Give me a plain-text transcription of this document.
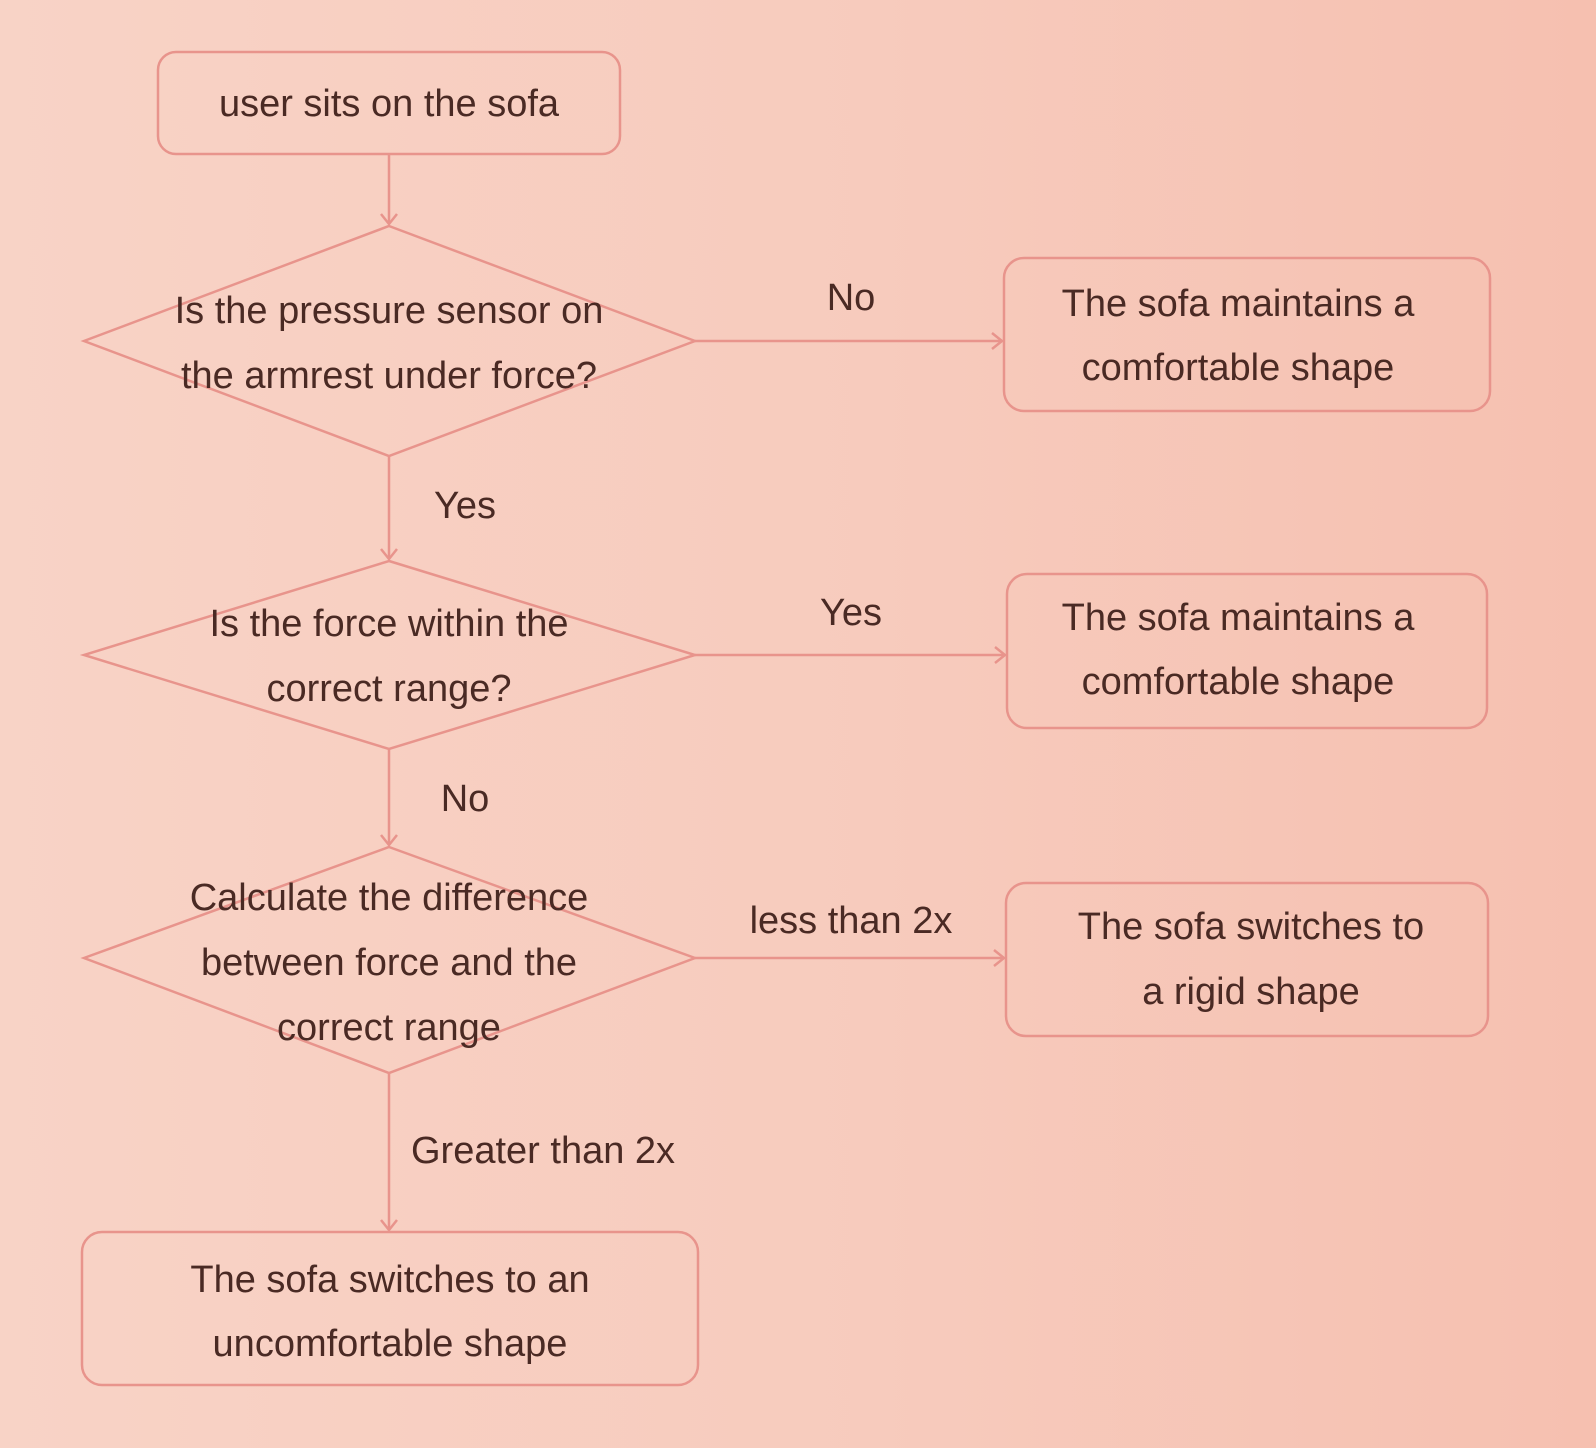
user sits on the sofa
Is the pressure sensor on
the armrest under force?
The sofa maintains a
comfortable shape
Is the force within the
correct range?
The sofa maintains a
comfortable shape
Calculate the difference
between force and the
correct range
The sofa switches to
a rigid shape
The sofa switches to an
uncomfortable shape
No
Yes
Yes
No
less than 2x
Greater than 2x
